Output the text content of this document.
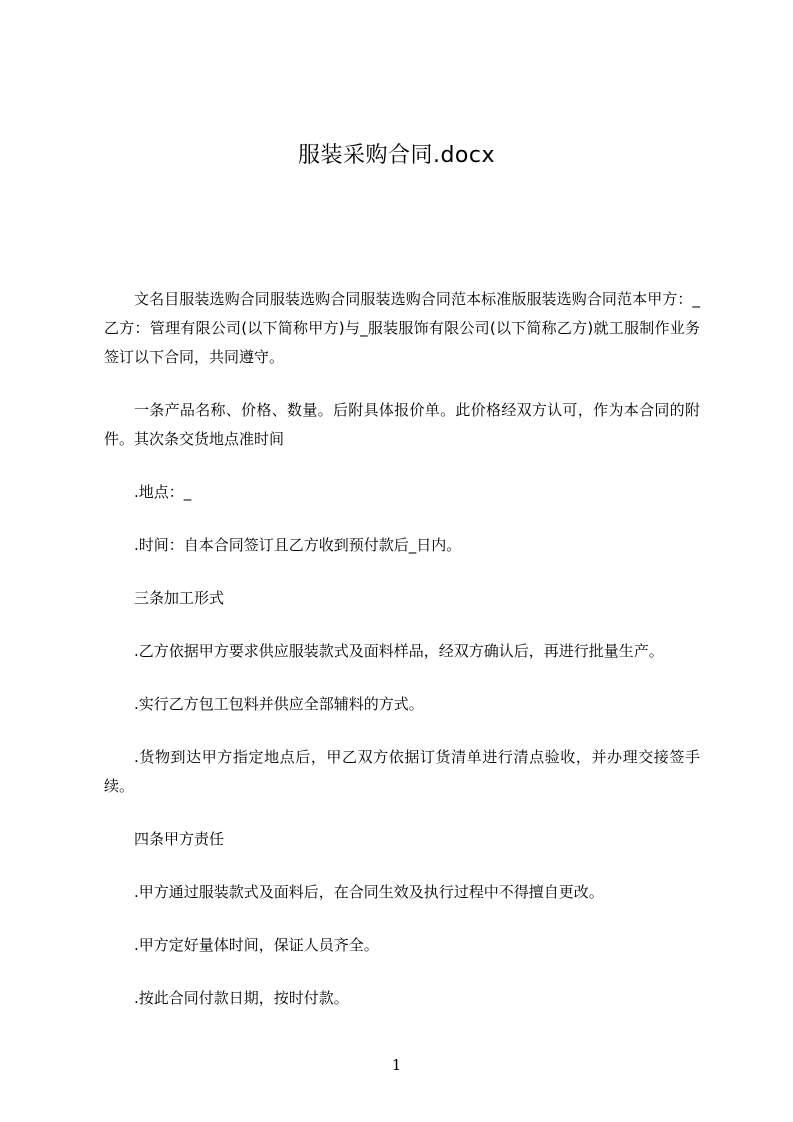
服装采购合同.docx

文名目服装选购合同服装选购合同服装选购合同范本标准版服装选购合同范本甲方：_乙方：管理有限公司(以下简称甲方)与_服装服饰有限公司(以下简称乙方)就工服制作业务签订以下合同，共同遵守。

一条产品名称、价格、数量。后附具体报价单。此价格经双方认可，作为本合同的附件。其次条交货地点准时间

.地点：_

.时间：自本合同签订且乙方收到预付款后_日内。

三条加工形式

.乙方依据甲方要求供应服装款式及面料样品，经双方确认后，再进行批量生产。

.实行乙方包工包料并供应全部辅料的方式。

.货物到达甲方指定地点后，甲乙双方依据订货清单进行清点验收，并办理交接签手续。

四条甲方责任

.甲方通过服装款式及面料后，在合同生效及执行过程中不得擅自更改。

.甲方定好量体时间，保证人员齐全。

.按此合同付款日期，按时付款。

1
